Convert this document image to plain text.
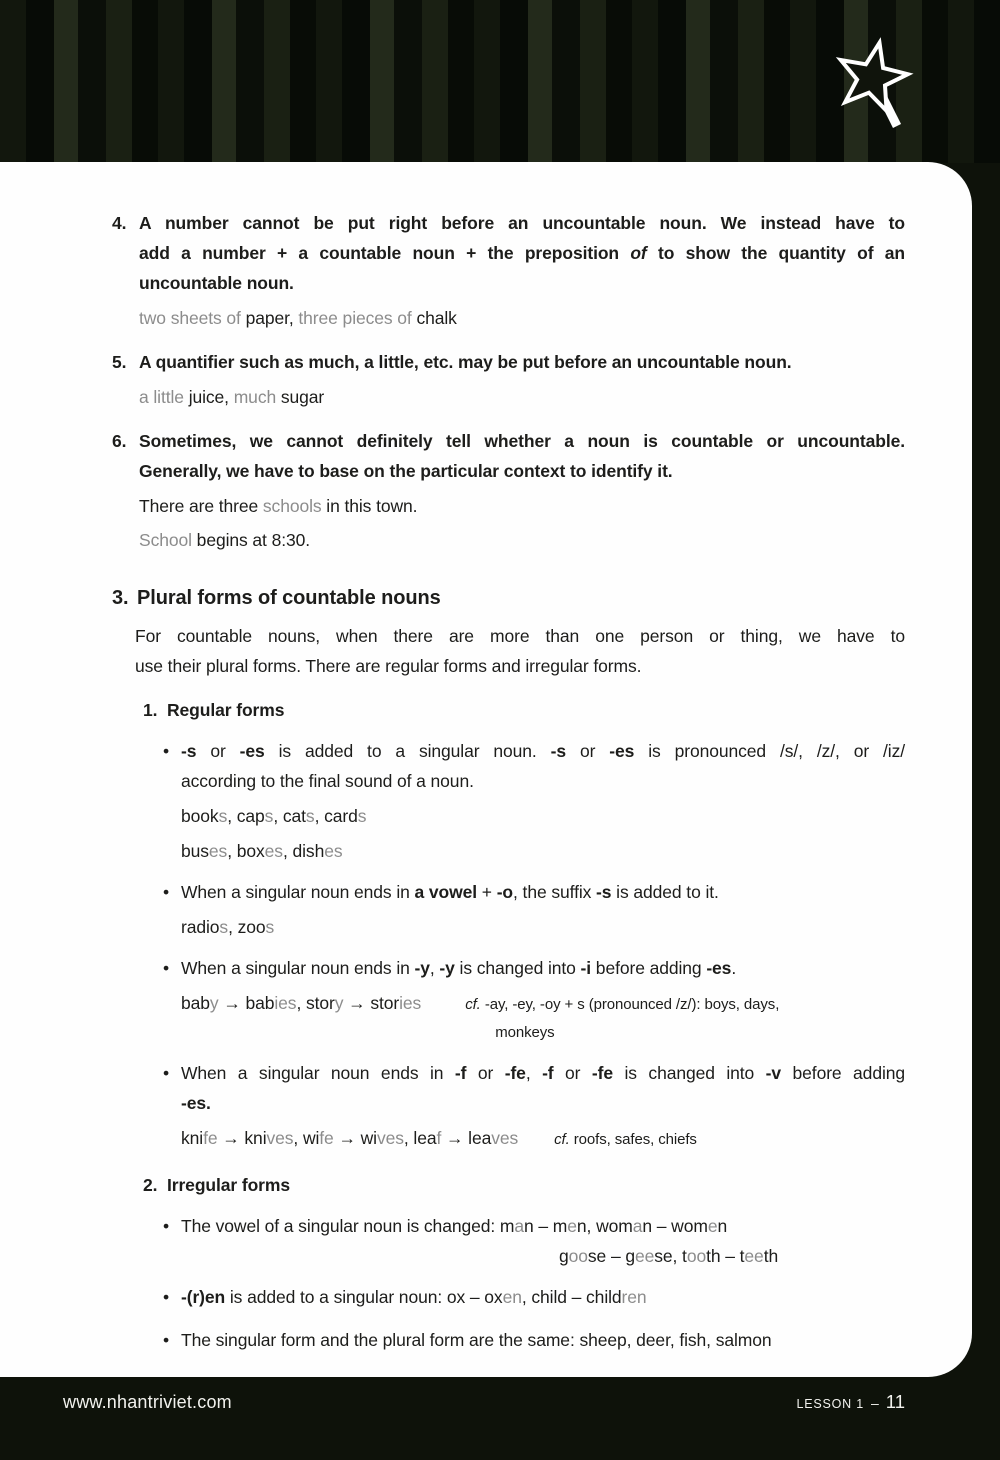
4. A number cannot be put right before an uncountable noun. We instead have to

add a number + a countable noun + the preposition of to show the quantity of an

uncountable noun.

two sheets of paper, three pieces of chalk

5. A quantifier such as much, a little, etc. may be put before an uncountable noun.

a little juice, much sugar

6. Sometimes, we cannot definitely tell whether a noun is countable or uncountable.

Generally, we have to base on the particular context to identify it.

There are three schools in this town.

School begins at 8:30.

3. Plural forms of countable nouns

For countable nouns, when there are more than one person or thing, we have to

use their plural forms. There are regular forms and irregular forms.

1. Regular forms
• -s or -es is added to a singular noun. -s or -es is pronounced /s/, /z/, or /iz/

according to the final sound of a noun.

books, caps, cats, cards

buses, boxes, dishes

• When a singular noun ends in a vowel + -o, the suffix -s is added to it.

radios, zoos

• When a singular noun ends in -y, -y is changed into -i before adding -es.

baby → babies, story → stories	cf. -ay, -ey, -oy + s (pronounced /z/): boys, days,

monkeys

• When a singular noun ends in -f or -fe, -f or -fe is changed into -v before adding

-es.

knife → knives, wife → wives, leaf → leaves cf. roofs, safes, chiefs

2. Irregular forms
• The vowel of a singular noun is changed: man – men, woman – women

goose – geese, tooth – teeth

• -(r)en is added to a singular noun: ox – oxen, child – children

• The singular form and the plural form are the same: sheep, deer, fish, salmon

www.nhantriviet.com	LESSON 1 – 11
